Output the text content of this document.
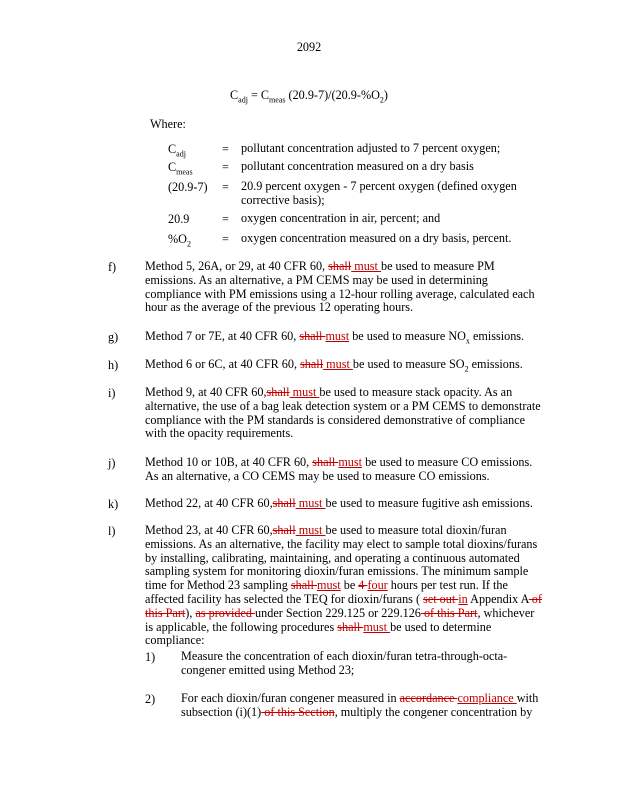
2092
$C_{adj} = C_{meas}$ $(20.9-7)/(20.9-\%O_2)$
Where:
$C_{adj}$	= pollutant concentration adjusted to 7 percent oxygen;
$C_{meas}$ = pollutant concentration measured on a dry basis
(20.9-7) = 20.9 percent oxygen - 7 percent oxygen (defined oxygen corrective basis);
20.9	= oxygen concentration in air, percent; and
$\%O_2$	= oxygen concentration measured on a dry basis, percent.
f) Method 5, 26A, or 29, at 40 CFR 60, shall must be used to measure PM emissions. As an alternative, a PM CEMS may be used in determining compliance with PM emissions using a 12-hour rolling average, calculated each hour as the average of the previous 12 operating hours.
g) Method 7 or 7E, at 40 CFR 60, shall must be used to measure $NO_x$ emissions.
h) Method 6 or 6C, at 40 CFR 60, shall must be used to measure $SO_2$ emissions.
i) Method 9, at 40 CFR 60,shall must be used to measure stack opacity. As an alternative, the use of a bag leak detection system or a PM CEMS to demonstrate compliance with the PM standards is considered demonstrative of compliance with the opacity requirements.
j) Method 10 or 10B, at 40 CFR 60, shall must be used to measure CO emissions. As an alternative, a CO CEMS may be used to measure CO emissions.
k) Method 22, at 40 CFR 60,shall must be used to measure fugitive ash emissions.
l) Method 23, at 40 CFR 60,shall must be used to measure total dioxin/furan emissions. As an alternative, the facility may elect to sample total dioxins/furans by installing, calibrating, maintaining, and operating a continuous automated sampling system for monitoring dioxin/furan emissions. The minimum sample time for Method 23 sampling shall must be 4 four hours per test run. If the affected facility has selected the TEQ for dioxin/furans ( set out in Appendix A of this Part), as provided under Section 229.125 or 229.126 of this Part, whichever is applicable, the following procedures shall must be used to determine compliance:
1) Measure the concentration of each dioxin/furan tetra-through-octa-congener emitted using Method 23;
2) For each dioxin/furan congener measured in accordance compliance with subsection (i)(1) of this Section, multiply the congener concentration by
